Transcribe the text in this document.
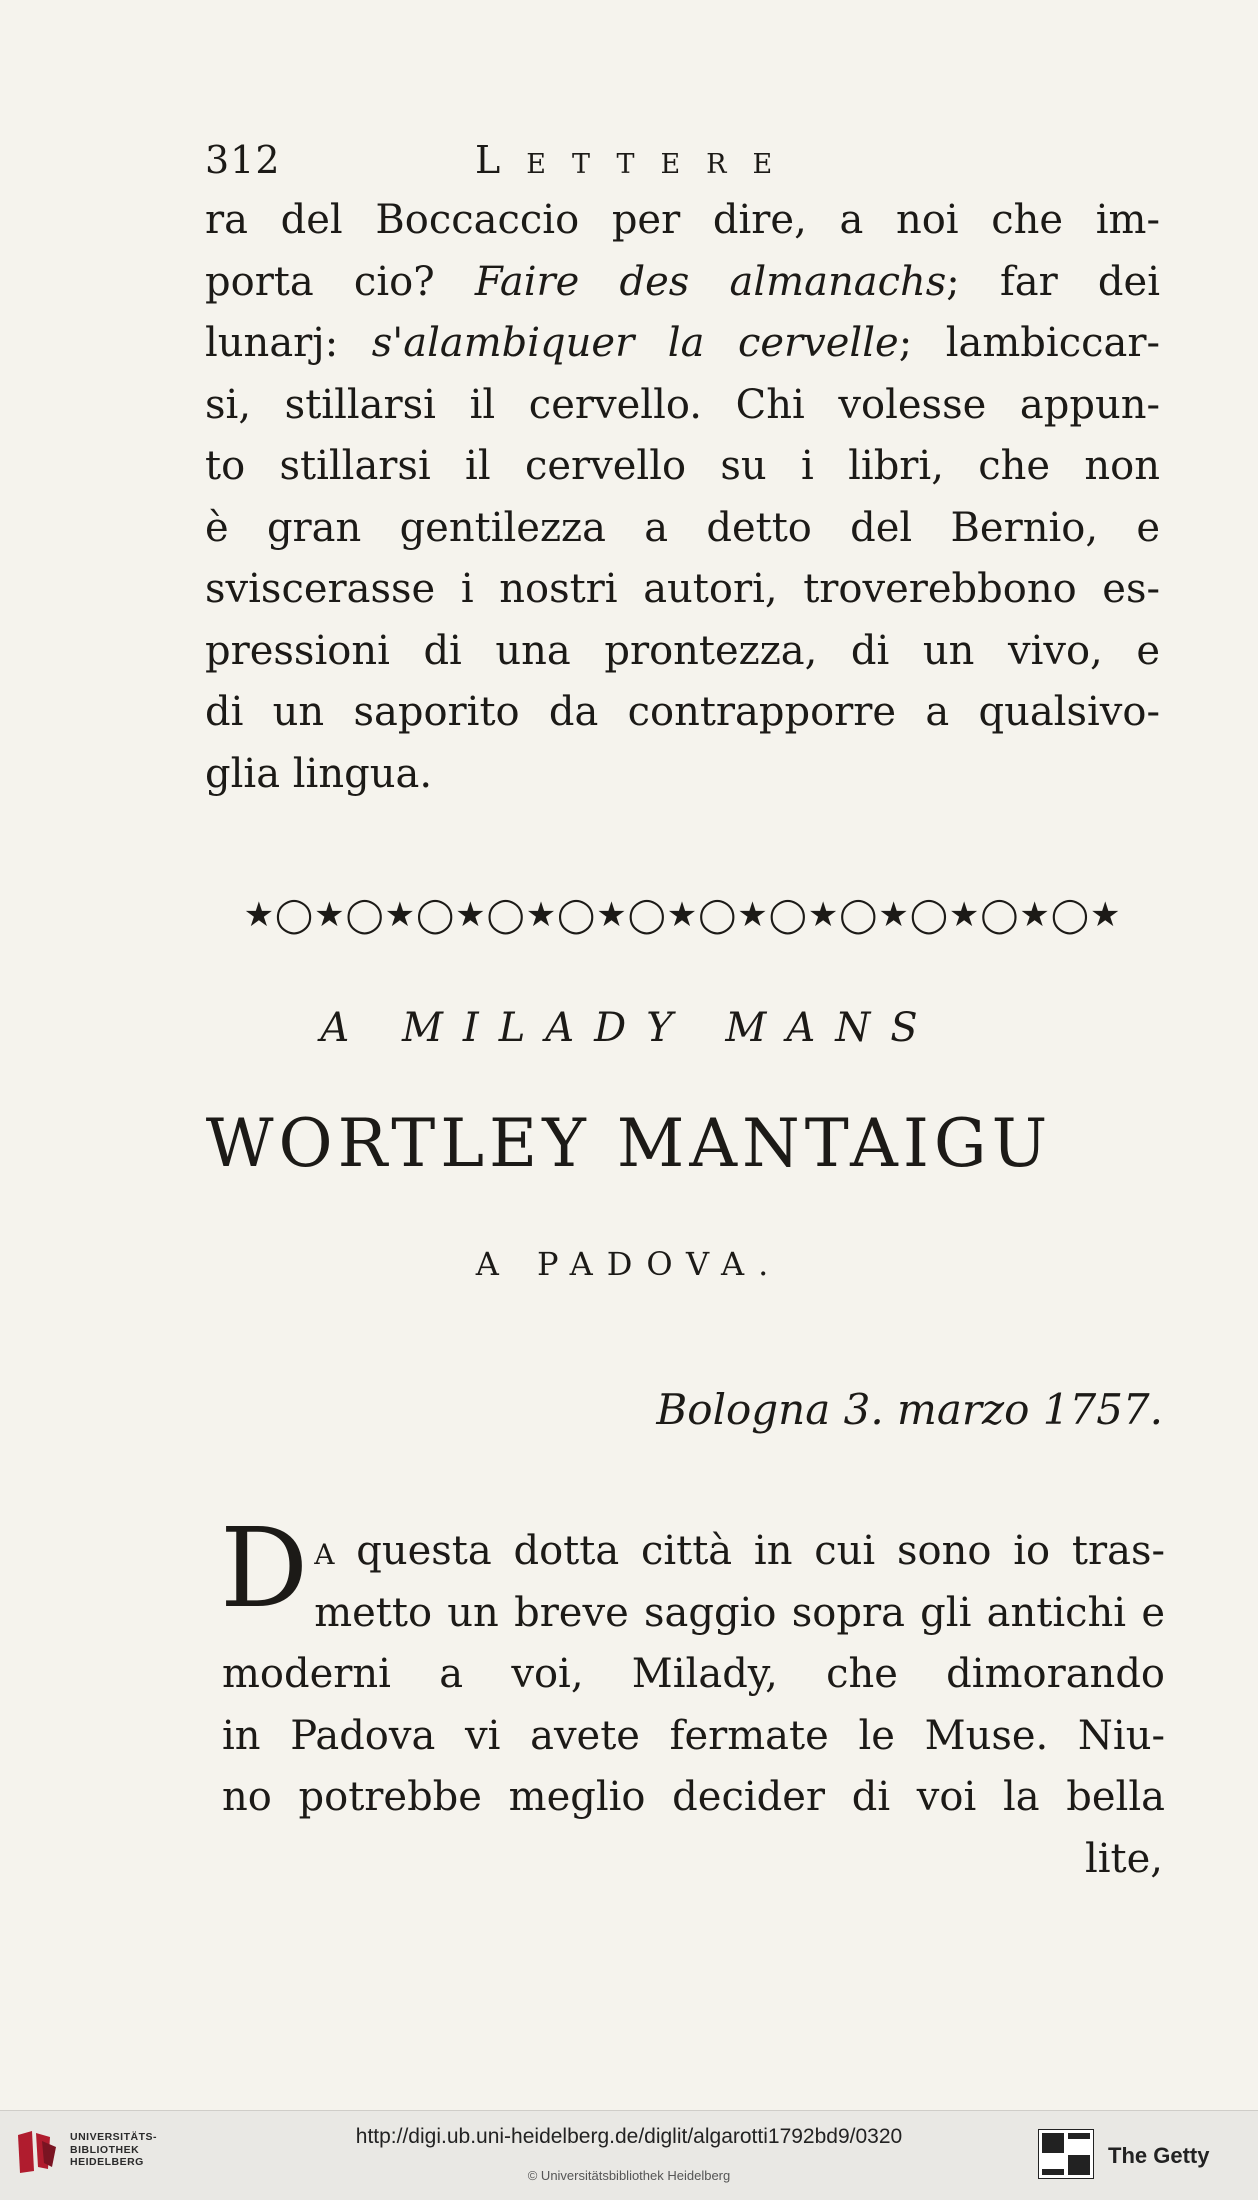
312	Lettere
ra del Boccaccio per dire, a noi che im-
porta cio? Faire des almanachs; far dei
lunarj: s'alambiquer la cervelle; lambiccar-
si, stillarsi il cervello. Chi volesse appun-
to stillarsi il cervello su i libri, che non
è gran gentilezza a detto del Bernio, e
sviscerasse i nostri autori, troverebbono es-
pressioni di una prontezza, di un vivo, e
di un saporito da contrapporre a qualsivo-
glia lingua.
★◯★◯★◯★◯★◯★◯★◯★◯★◯★◯★◯★◯★
A MILADY MANS
WORTLEY MANTAIGU
A PADOVA.
Bologna 3. marzo 1757.
D a questa dotta città in cui sono io tras-
metto un breve saggio sopra gli antichi e
moderni a voi, Milady, che dimorando
in Padova vi avete fermate le Muse. Niu-
no potrebbe meglio decider di voi la bella
lite,
UNIVERSITÄTS-
BIBLIOTHEK
HEIDELBERG
http://digi.ub.uni-heidelberg.de/diglit/algarotti1792bd9/0320
© Universitätsbibliothek Heidelberg
The Getty
